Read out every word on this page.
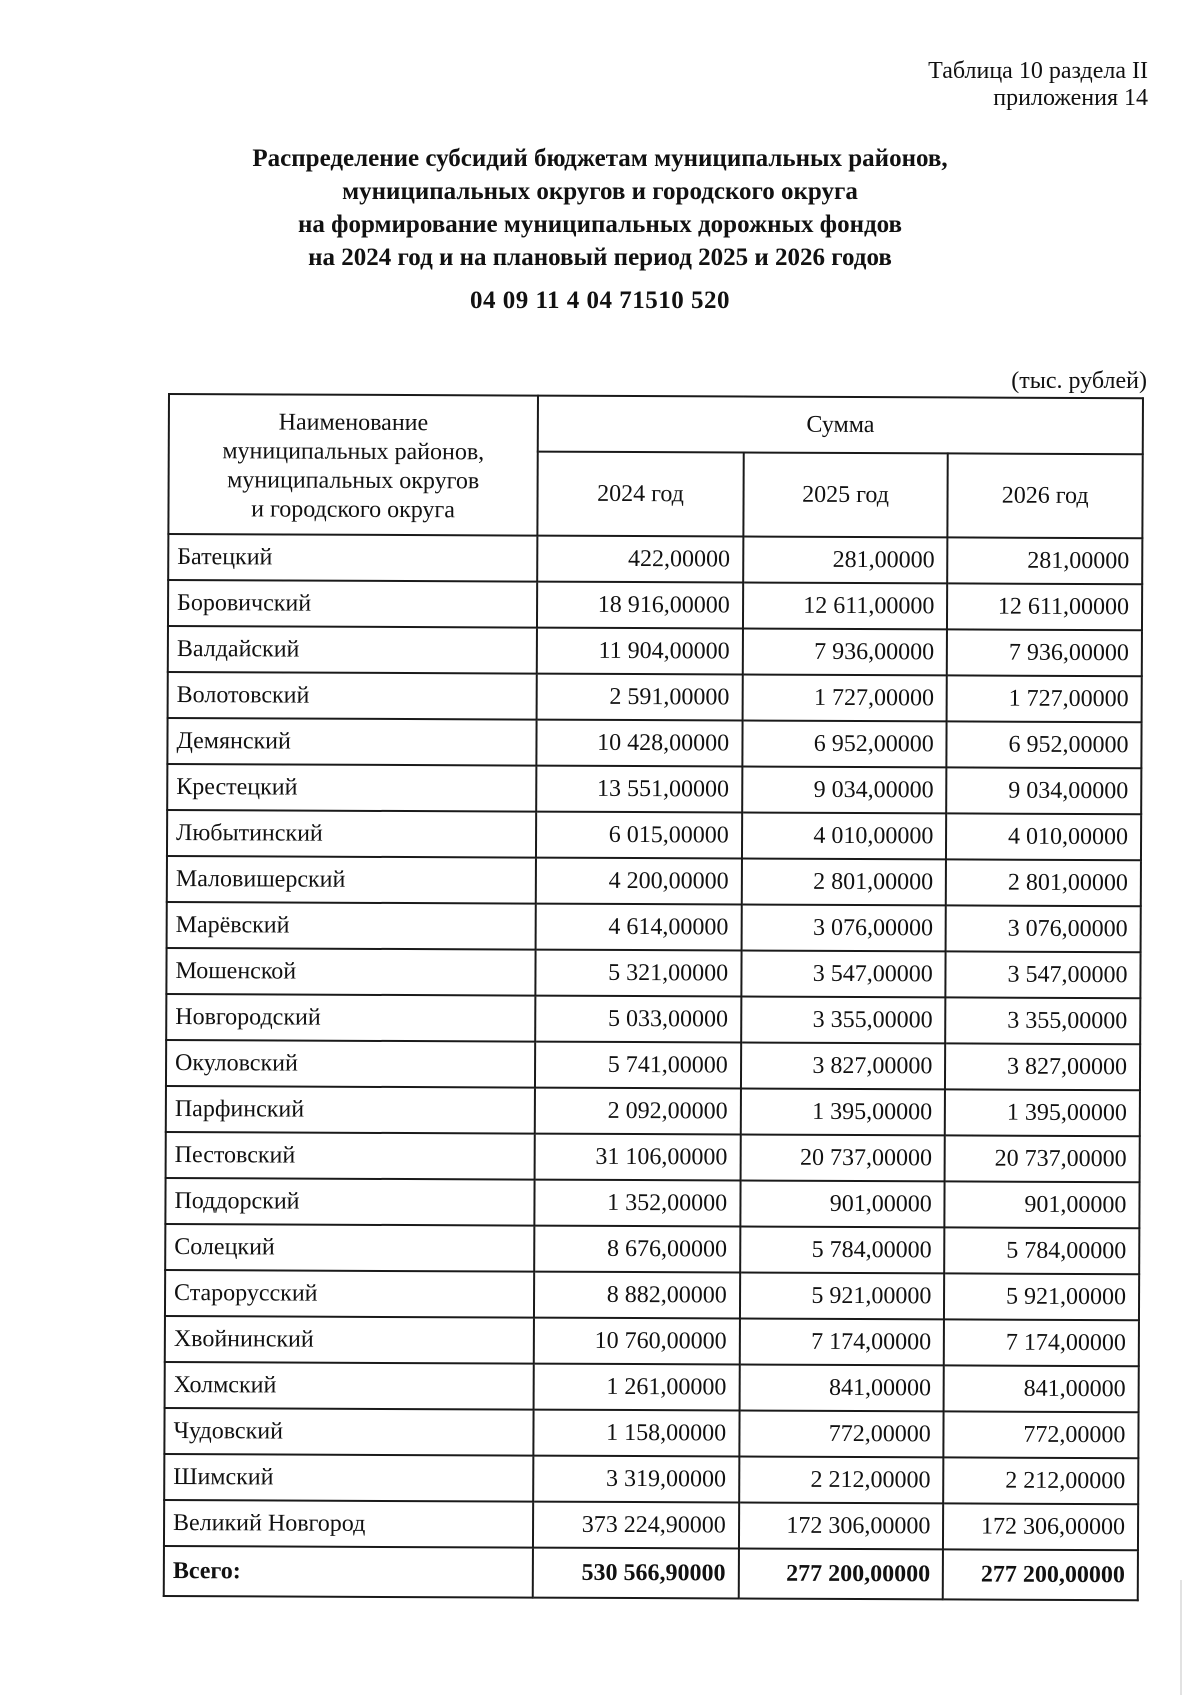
Таблица 10 раздела II
приложения 14
Распределение субсидий бюджетам муниципальных районов,
муниципальных округов и городского округа
на формирование муниципальных дорожных фондов
на 2024 год и на плановый период 2025 и 2026 годов
04 09 11 4 04 71510 520
(тыс. рублей)
Наименование
муниципальных районов,
муниципальных округов
и городского округа	Сумма		
	2024 год	2025 год	2026 год
Батецкий	422,00000	281,00000	281,00000
Боровичский	18 916,00000	12 611,00000	12 611,00000
Валдайский	11 904,00000	7 936,00000	7 936,00000
Волотовский	2 591,00000	1 727,00000	1 727,00000
Демянский	10 428,00000	6 952,00000	6 952,00000
Крестецкий	13 551,00000	9 034,00000	9 034,00000
Любытинский	6 015,00000	4 010,00000	4 010,00000
Маловишерский	4 200,00000	2 801,00000	2 801,00000
Марёвский	4 614,00000	3 076,00000	3 076,00000
Мошенской	5 321,00000	3 547,00000	3 547,00000
Новгородский	5 033,00000	3 355,00000	3 355,00000
Окуловский	5 741,00000	3 827,00000	3 827,00000
Парфинский	2 092,00000	1 395,00000	1 395,00000
Пестовский	31 106,00000	20 737,00000	20 737,00000
Поддорский	1 352,00000	901,00000	901,00000
Солецкий	8 676,00000	5 784,00000	5 784,00000
Старорусский	8 882,00000	5 921,00000	5 921,00000
Хвойнинский	10 760,00000	7 174,00000	7 174,00000
Холмский	1 261,00000	841,00000	841,00000
Чудовский	1 158,00000	772,00000	772,00000
Шимский	3 319,00000	2 212,00000	2 212,00000
Великий Новгород	373 224,90000	172 306,00000	172 306,00000
Всего:	530 566,90000	277 200,00000	277 200,00000
